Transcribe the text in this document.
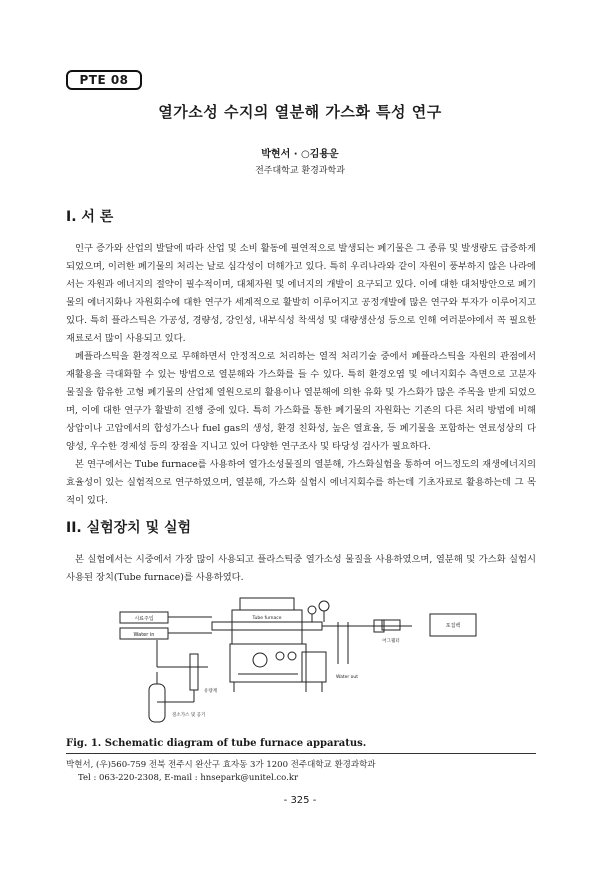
PTE 08
열가소성 수지의 열분해 가스화 특성 연구
박현서 · ○김용운
전주대학교 환경과학과
I. 서 론

인구 증가와 산업의 발달에 따라 산업 및 소비 활동에 필연적으로 발생되는 폐기물은 그 종류 및 발생량도 급증하게 되었으며, 이러한 폐기물의 처리는 날로 심각성이 더해가고 있다. 특히 우리나라와 같이 자원이 풍부하지 않은 나라에서는 자원과 에너지의 절약이 필수적이며, 대체자원 및 에너지의 개발이 요구되고 있다. 이에 대한 대처방안으로 폐기물의 에너지화나 자원회수에 대한 연구가 세계적으로 활발히 이루어지고 공정개발에 많은 연구와 투자가 이루어지고 있다. 특히 플라스틱은 가공성, 경량성, 강인성, 내부식성 착색성 및 대량생산성 등으로 인해 여러분야에서 꼭 필요한 재료로서 많이 사용되고 있다.

폐플라스틱을 환경적으로 무해하면서 안정적으로 처리하는 열적 처리기술 중에서 폐플라스틱을 자원의 관점에서 재활용을 극대화할 수 있는 방법으로 열분해와 가스화를 들 수 있다. 특히 환경오염 및 에너지회수 측면으로 고분자 물질을 함유한 고형 폐기물의 산업체 열원으로의 활용이나 열분해에 의한 유화 및 가스화가 많은 주목을 받게 되었으며, 이에 대한 연구가 활발히 진행 중에 있다. 특히 가스화를 통한 폐기물의 자원화는 기존의 다른 처리 방법에 비해 상압이나 고압에서의 합성가스나 fuel gas의 생성, 환경 친화성, 높은 열효율, 등 폐기물을 포함하는 연료성상의 다양성, 우수한 경제성 등의 장점을 지니고 있어 다양한 연구조사 및 타당성 검사가 필요하다.

본 연구에서는 Tube furnace를 사용하여 열가소성물질의 열분해, 가스화실험을 통하여 어느정도의 재생에너지의 효율성이 있는 실험적으로 연구하였으며, 열분해, 가스화 실험시 에너지회수를 하는데 기초자료로 활용하는데 그 목적이 있다.

II. 실험장치 및 실험

본 실험에서는 시중에서 가장 많이 사용되고 플라스틱중 열가소성 물질을 사용하였으며, 열분해 및 가스화 실험시 사용된 장치(Tube furnace)를 사용하였다.

시료주입
Water in
Tube furnace
Water out
유량계
포집백
어그웰터
질소가스 및 공기
Fig. 1. Schematic diagram of tube furnace apparatus.
박현서, (우)560-759 전북 전주시 완산구 효자동 3가 1200 전주대학교 환경과학과
Tel : 063-220-2308, E-mail : hnsepark@unitel.co.kr
- 325 -
